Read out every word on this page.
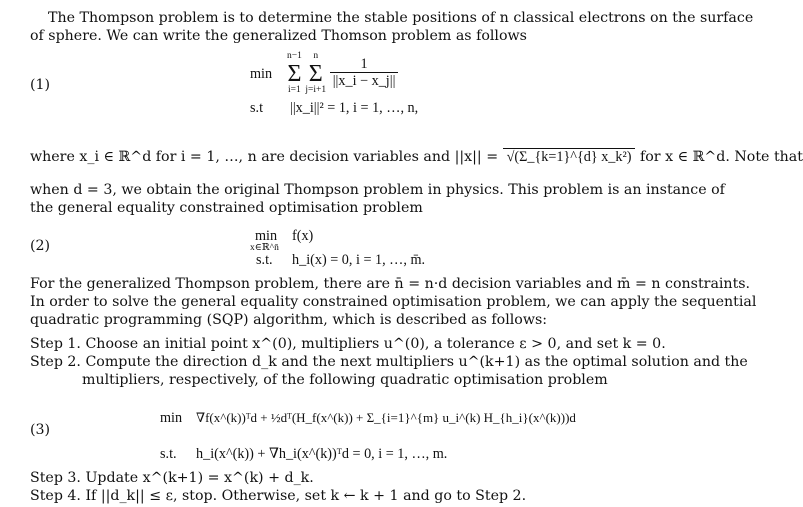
The Thompson problem is to determine the stable positions of n classical electrons on the surface
of sphere. We can write the generalized Thomson problem as follows
(1)
min
n−1
Σ
i=1

n
Σ
j=i+1
$\frac{1}{||x\_i - x\_j||}$
s.t ||x_i||² = 1, i = 1, …, n,
where x_i ∈ ℝ^d for i = 1, …, n are decision variables and ||x|| = √(Σ_{k=1}^{d} x_k²) for x ∈ ℝ^d. Note that
when d = 3, we obtain the original Thompson problem in physics. This problem is an instance of
the general equality constrained optimisation problem
(2)
min
x∈ℝ^n̄
f(x)
s.t. h_i(x) = 0, i = 1, …, m̄.
For the generalized Thompson problem, there are n̄ = n·d decision variables and m̄ = n constraints.
In order to solve the general equality constrained optimisation problem, we can apply the sequential
quadratic programming (SQP) algorithm, which is described as follows:
Step 1. Choose an initial point x^(0), multipliers u^(0), a tolerance ε > 0, and set k = 0.
Step 2. Compute the direction d_k and the next multipliers u^(k+1) as the optimal solution and the
multipliers, respectively, of the following quadratic optimisation problem
(3)
min ∇f(x^(k))ᵀd + ½dᵀ(H_f(x^(k)) + Σ_{i=1}^{m} u_i^(k) H_{h_i}(x^(k)))d
s.t. h_i(x^(k)) + ∇h_i(x^(k))ᵀd = 0, i = 1, …, m.
Step 3. Update x^(k+1) = x^(k) + d_k.
Step 4. If ||d_k|| ≤ ε, stop. Otherwise, set k ← k + 1 and go to Step 2.
